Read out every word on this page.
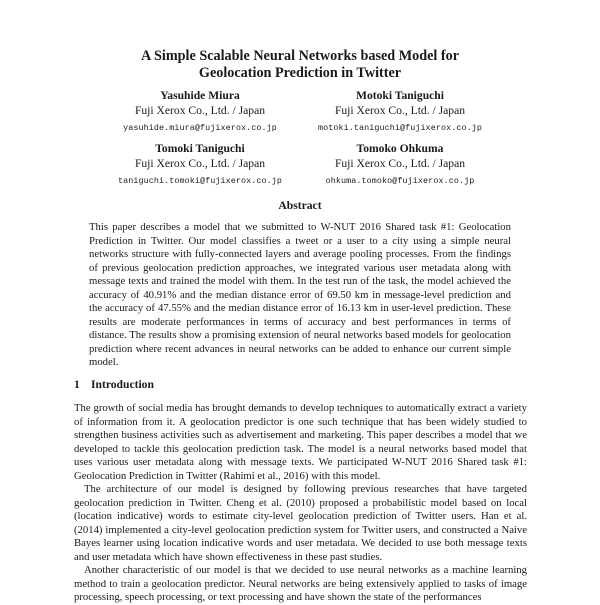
A Simple Scalable Neural Networks based Model for
Geolocation Prediction in Twitter
Yasuhide Miura
Fuji Xerox Co., Ltd. / Japan
yasuhide.miura@fujixerox.co.jp
Motoki Taniguchi
Fuji Xerox Co., Ltd. / Japan
motoki.taniguchi@fujixerox.co.jp
Tomoki Taniguchi
Fuji Xerox Co., Ltd. / Japan
taniguchi.tomoki@fujixerox.co.jp
Tomoko Ohkuma
Fuji Xerox Co., Ltd. / Japan
ohkuma.tomoko@fujixerox.co.jp
Abstract

This paper describes a model that we submitted to W-NUT 2016 Shared task #1: Geolocation Prediction in Twitter. Our model classifies a tweet or a user to a city using a simple neural networks structure with fully-connected layers and average pooling processes. From the findings of previous geolocation prediction approaches, we integrated various user metadata along with message texts and trained the model with them. In the test run of the task, the model achieved the accuracy of 40.91% and the median distance error of 69.50 km in message-level prediction and the accuracy of 47.55% and the median distance error of 16.13 km in user-level prediction. These results are moderate performances in terms of accuracy and best performances in terms of distance. The results show a promising extension of neural networks based models for geolocation prediction where recent advances in neural networks can be added to enhance our current simple model.

1 Introduction

The growth of social media has brought demands to develop techniques to automatically extract a variety of information from it. A geolocation predictor is one such technique that has been widely studied to strengthen business activities such as advertisement and marketing. This paper describes a model that we developed to tackle this geolocation prediction task. The model is a neural networks based model that uses various user metadata along with message texts. We participated W-NUT 2016 Shared task #1: Geolocation Prediction in Twitter (Rahimi et al., 2016) with this model.

The architecture of our model is designed by following previous researches that have targeted geolocation prediction in Twitter. Cheng et al. (2010) proposed a probabilistic model based on local (location indicative) words to estimate city-level geolocation prediction of Twitter users. Han et al. (2014) implemented a city-level geolocation prediction system for Twitter users, and constructed a Naive Bayes learner using location indicative words and user metadata. We decided to use both message texts and user metadata which have shown effectiveness in these past studies.

Another characteristic of our model is that we decided to use neural networks as a machine learning method to train a geolocation predictor. Neural networks are being extensively applied to tasks of image processing, speech processing, or text processing and have shown the state of the performances
